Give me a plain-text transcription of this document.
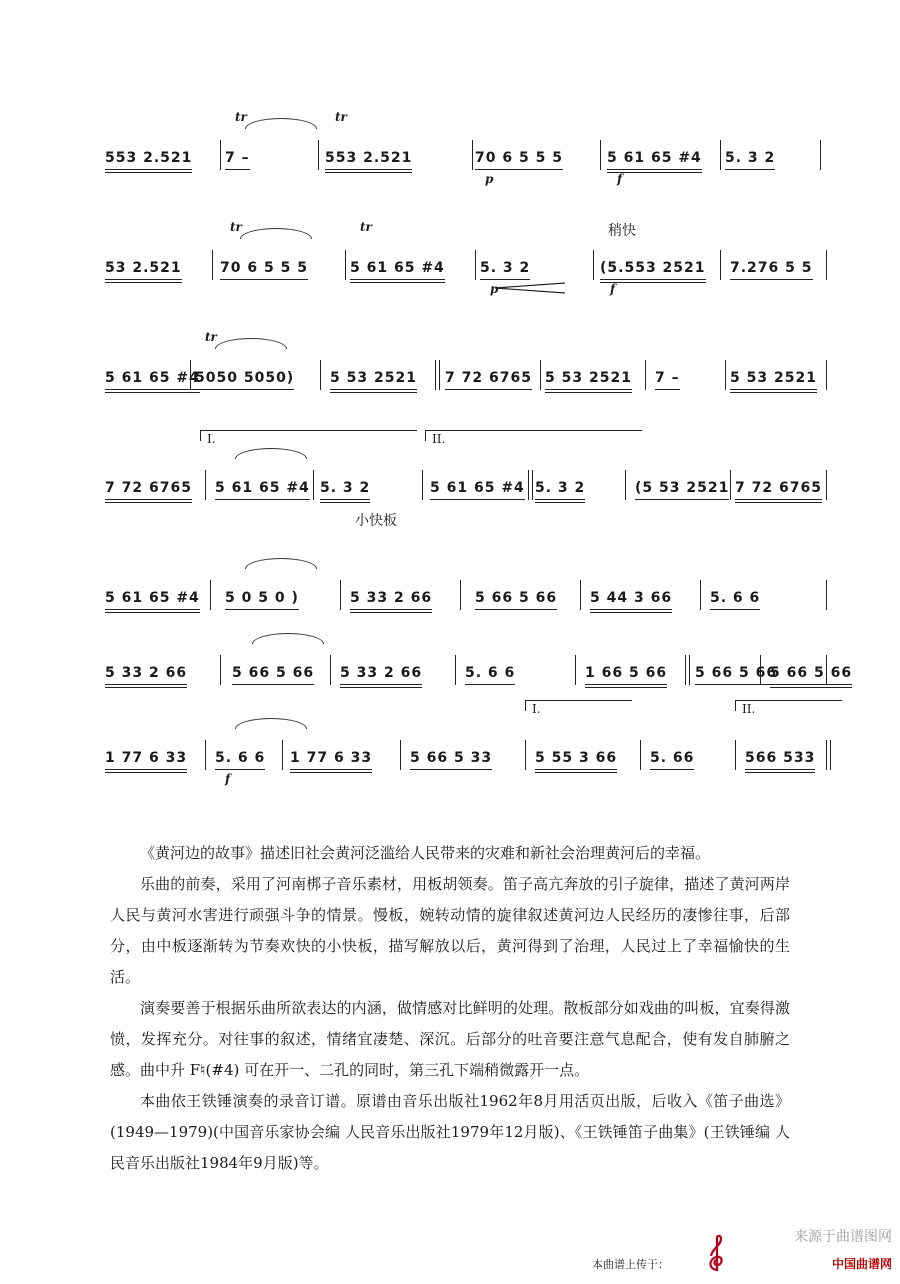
553 2.521 7 –	553 2.521	70 6 5 5 5	5 61 65 #4 5. 3 2
tr	tr
p	f
53 2.521	70 6 5 5 5	5 61 65 #4	5. 3 2	(5.553 2521 7.276 5 5
tr	tr
p	f
稍快
5 61 65 #4
5050 5050)	5 53 2521 7 72 6765 5 53 2521 7 –	5 53 2521
tr
7 72 6765 5 61 65 #4 5. 3 2	5 61 65 #4 5. 3 2	(5 53 2521 7 72 6765
I.	II.
5 61 65 #4 5 0 5 0 )	5 33 2 66	5 66 5 66 5 44 3 66	5. 6 6
小快板
5 33 2 66	5 66 5 66 5 33 2 66	5. 6 6	1 66 5 66 5 66 5 66
5 66 5 66
1 77 6 33 5. 6 6 1 77 6 33	5 66 5 33	5 55 3 66 5. 66	566 533
f
I.	II.

《黄河边的故事》描述旧社会黄河泛滥给人民带来的灾难和新社会治理黄河后的幸福。

乐曲的前奏，采用了河南梆子音乐素材，用板胡领奏。笛子高亢奔放的引子旋律，描述了黄河两岸人民与黄河水害进行顽强斗争的情景。慢板，婉转动情的旋律叙述黄河边人民经历的凄惨往事，后部分，由中板逐渐转为节奏欢快的小快板，描写解放以后，黄河得到了治理，人民过上了幸福愉快的生活。

演奏要善于根据乐曲所欲表达的内涵，做情感对比鲜明的处理。散板部分如戏曲的叫板，宜奏得激愤，发挥充分。对往事的叙述，情绪宜凄楚、深沉。后部分的吐音要注意气息配合，使有发自肺腑之感。曲中升 F♮(#4) 可在开一、二孔的同时，第三孔下端稍微露开一点。

本曲依王铁锤演奏的录音订谱。原谱由音乐出版社1962年8月用活页出版，后收入《笛子曲选》(1949—1979)(中国音乐家协会编 人民音乐出版社1979年12月版)、《王铁锤笛子曲集》(王铁锤编 人民音乐出版社1984年9月版)等。

来源于曲谱图网
本曲谱上传于：	中国曲谱网
